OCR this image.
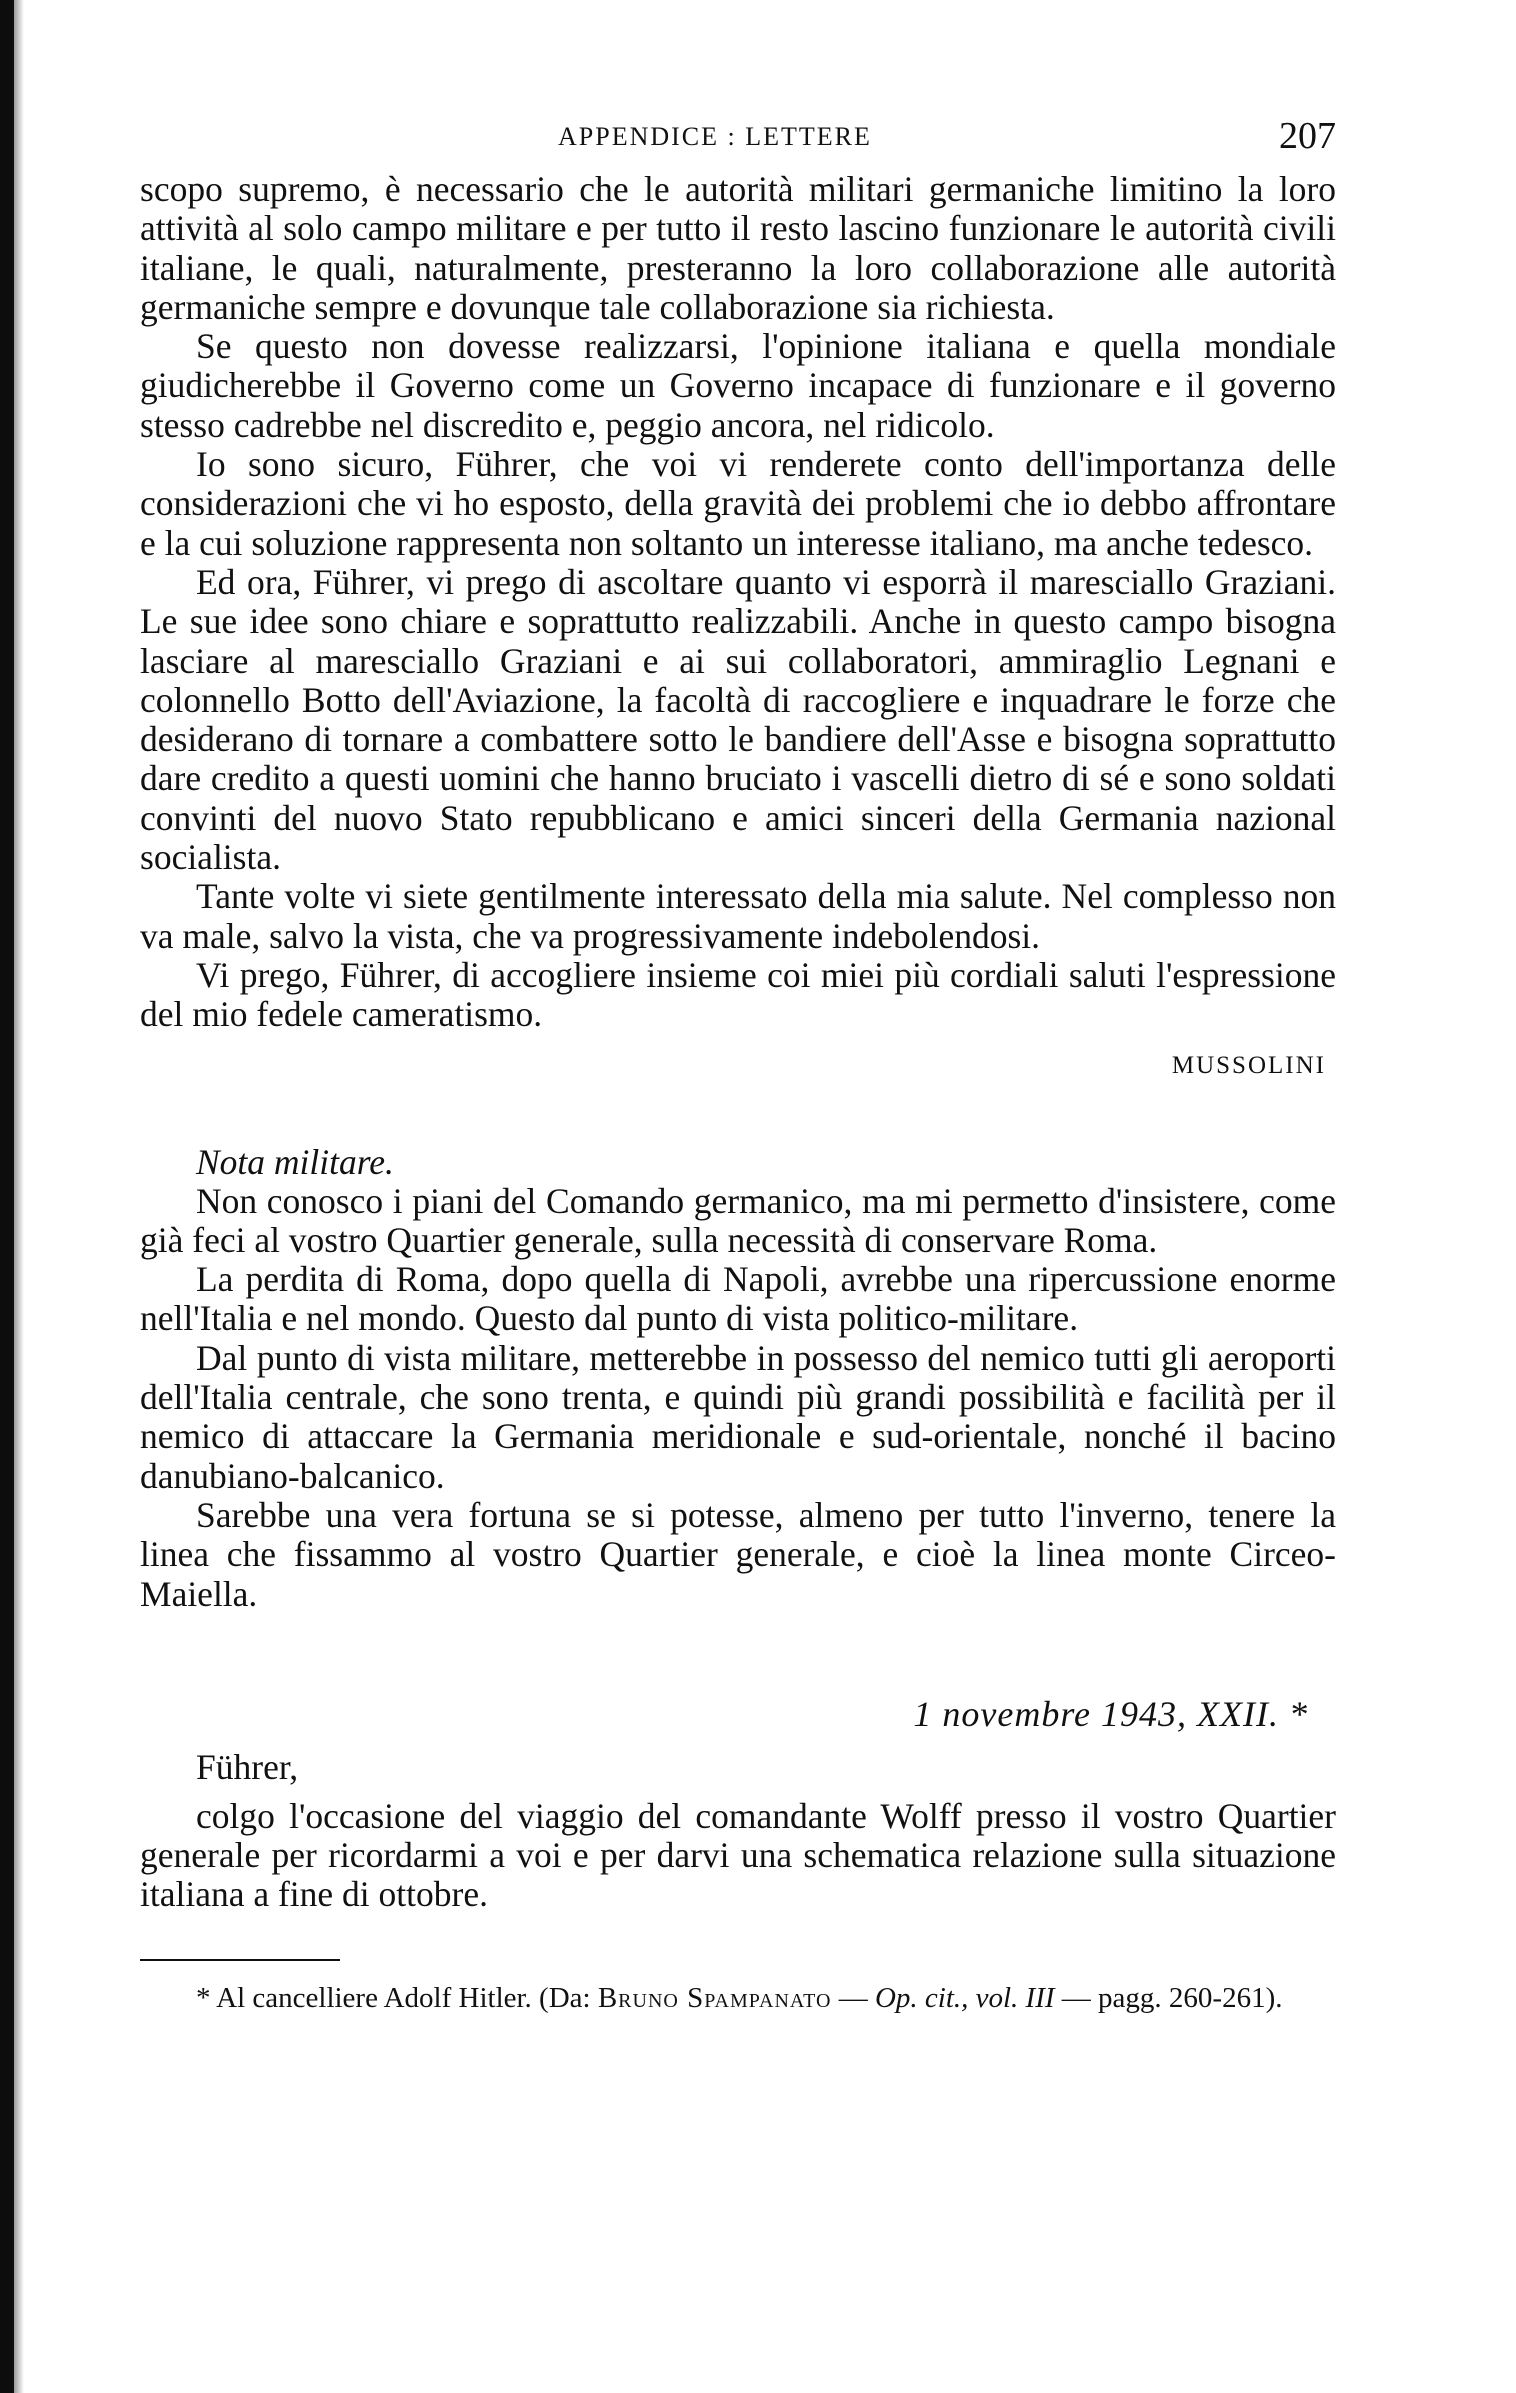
APPENDICE : LETTERE	207

scopo supremo, è necessario che le autorità militari germaniche limitino la loro attività al solo campo militare e per tutto il resto lascino funzionare le autorità civili italiane, le quali, naturalmente, presteranno la loro collaborazione alle autorità germaniche sempre e dovunque tale collaborazione sia richiesta.

Se questo non dovesse realizzarsi, l'opinione italiana e quella mondiale giudicherebbe il Governo come un Governo incapace di funzionare e il governo stesso cadrebbe nel discredito e, peggio ancora, nel ridicolo.

Io sono sicuro, Führer, che voi vi renderete conto dell'importanza delle considerazioni che vi ho esposto, della gravità dei problemi che io debbo affrontare e la cui soluzione rappresenta non soltanto un interesse italiano, ma anche tedesco.

Ed ora, Führer, vi prego di ascoltare quanto vi esporrà il maresciallo Graziani. Le sue idee sono chiare e soprattutto realizzabili. Anche in questo campo bisogna lasciare al maresciallo Graziani e ai sui collaboratori, ammiraglio Legnani e colonnello Botto dell'Aviazione, la facoltà di raccogliere e inquadrare le forze che desiderano di tornare a combattere sotto le bandiere dell'Asse e bisogna soprattutto dare credito a questi uomini che hanno bruciato i vascelli dietro di sé e sono soldati convinti del nuovo Stato repubblicano e amici sinceri della Germania nazional socialista.

Tante volte vi siete gentilmente interessato della mia salute. Nel complesso non va male, salvo la vista, che va progressivamente indebolendosi.

Vi prego, Führer, di accogliere insieme coi miei più cordiali saluti l'espressione del mio fedele cameratismo.

MUSSOLINI
Nota militare.

Non conosco i piani del Comando germanico, ma mi permetto d'insistere, come già feci al vostro Quartier generale, sulla necessità di conservare Roma.

La perdita di Roma, dopo quella di Napoli, avrebbe una ripercussione enorme nell'Italia e nel mondo. Questo dal punto di vista politico-militare.

Dal punto di vista militare, metterebbe in possesso del nemico tutti gli aeroporti dell'Italia centrale, che sono trenta, e quindi più grandi possibilità e facilità per il nemico di attaccare la Germania meridionale e sud-orientale, nonché il bacino danubiano-balcanico.

Sarebbe una vera fortuna se si potesse, almeno per tutto l'inverno, tenere la linea che fissammo al vostro Quartier generale, e cioè la linea monte Circeo-Maiella.

1 novembre 1943, XXII. *
Führer,

colgo l'occasione del viaggio del comandante Wolff presso il vostro Quartier generale per ricordarmi a voi e per darvi una schematica relazione sulla situazione italiana a fine di ottobre.

* Al cancelliere Adolf Hitler. (Da: Bruno Spampanato — Op. cit., vol. III — pagg. 260-261).
